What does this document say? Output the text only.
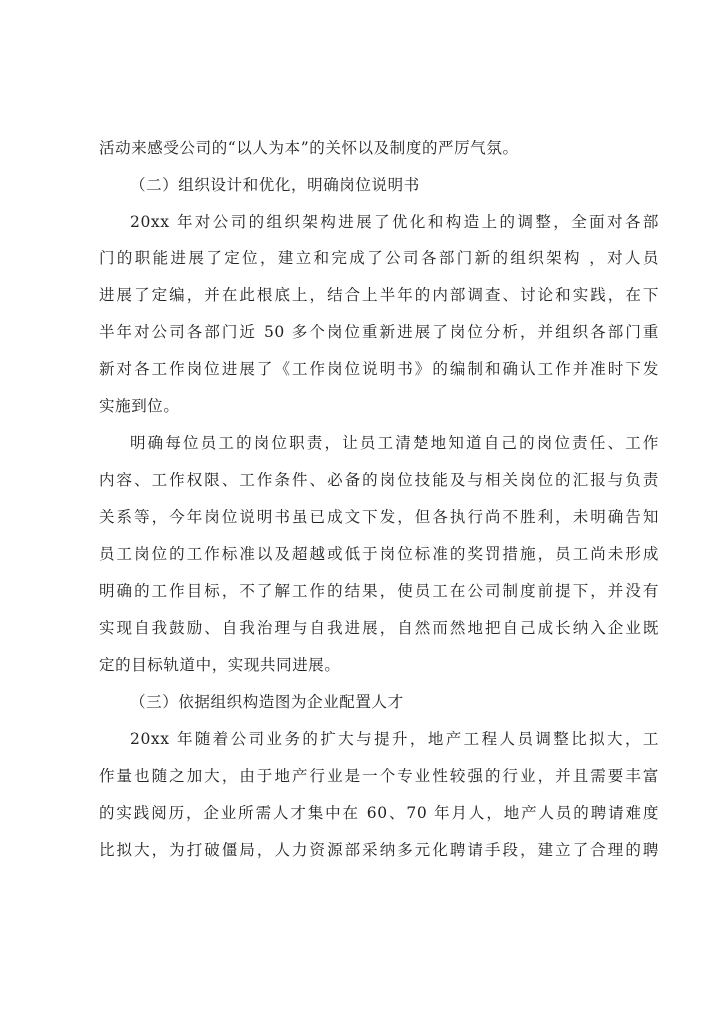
活动来感受公司的“以人为本”的关怀以及制度的严厉气氛。
（二）组织设计和优化，明确岗位说明书
20xx 年对公司的组织架构进展了优化和构造上的调整，全面对各部
门的职能进展了定位，建立和完成了公司各部门新的组织架构 ，对人员
进展了定编，并在此根底上，结合上半年的内部调查、讨论和实践，在下
半年对公司各部门近 50 多个岗位重新进展了岗位分析，并组织各部门重
新对各工作岗位进展了《工作岗位说明书》的编制和确认工作并准时下发
实施到位。
明确每位员工的岗位职责，让员工清楚地知道自己的岗位责任、工作
内容、工作权限、工作条件、必备的岗位技能及与相关岗位的汇报与负责
关系等，今年岗位说明书虽已成文下发，但各执行尚不胜利，未明确告知
员工岗位的工作标准以及超越或低于岗位标准的奖罚措施，员工尚未形成
明确的工作目标，不了解工作的结果，使员工在公司制度前提下，并没有
实现自我鼓励、自我治理与自我进展，自然而然地把自己成长纳入企业既
定的目标轨道中，实现共同进展。
（三）依据组织构造图为企业配置人才
20xx 年随着公司业务的扩大与提升，地产工程人员调整比拟大，工
作量也随之加大，由于地产行业是一个专业性较强的行业，并且需要丰富
的实践阅历，企业所需人才集中在 60、70 年月人，地产人员的聘请难度
比拟大，为打破僵局，人力资源部采纳多元化聘请手段，建立了合理的聘
